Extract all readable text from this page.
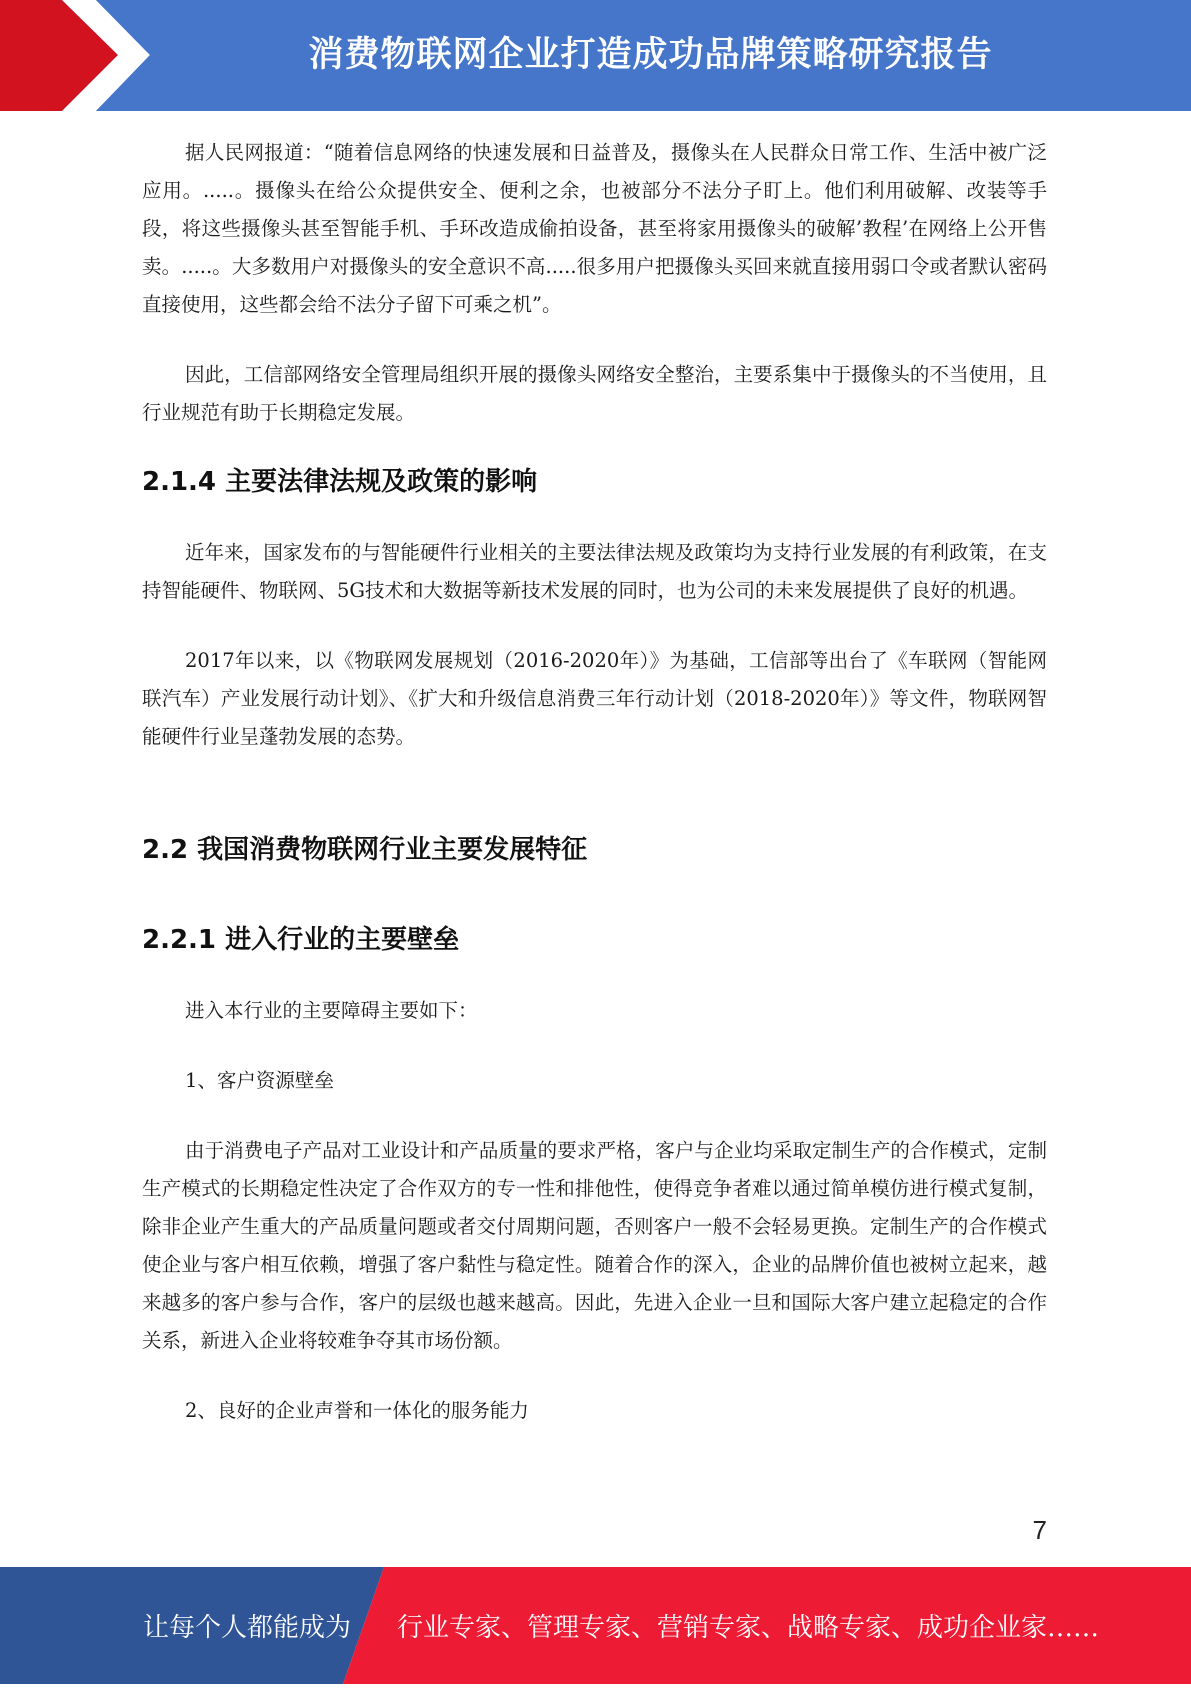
消费物联网企业打造成功品牌策略研究报告

据人民网报道：“随着信息网络的快速发展和日益普及，摄像头在人民群众日常工作、生活中被广泛应用。.....。摄像头在给公众提供安全、便利之余，也被部分不法分子盯上。他们利用破解、改装等手段，将这些摄像头甚至智能手机、手环改造成偷拍设备，甚至将家用摄像头的破解’教程’在网络上公开售卖。.....。大多数用户对摄像头的安全意识不高.....很多用户把摄像头买回来就直接用弱口令或者默认密码直接使用，这些都会给不法分子留下可乘之机”。

因此，工信部网络安全管理局组织开展的摄像头网络安全整治，主要系集中于摄像头的不当使用，且行业规范有助于长期稳定发展。

2.1.4 主要法律法规及政策的影响

近年来，国家发布的与智能硬件行业相关的主要法律法规及政策均为支持行业发展的有利政策，在支持智能硬件、物联网、5G技术和大数据等新技术发展的同时，也为公司的未来发展提供了良好的机遇。

2017年以来，以《物联网发展规划（2016-2020年）》为基础，工信部等出台了《车联网（智能网联汽车）产业发展行动计划》、《扩大和升级信息消费三年行动计划（2018-2020年）》等文件，物联网智能硬件行业呈蓬勃发展的态势。

2.2 我国消费物联网行业主要发展特征
2.2.1 进入行业的主要壁垒

进入本行业的主要障碍主要如下：

1、客户资源壁垒

由于消费电子产品对工业设计和产品质量的要求严格，客户与企业均采取定制生产的合作模式，定制生产模式的长期稳定性决定了合作双方的专一性和排他性，使得竞争者难以通过简单模仿进行模式复制，除非企业产生重大的产品质量问题或者交付周期问题，否则客户一般不会轻易更换。定制生产的合作模式使企业与客户相互依赖，增强了客户黏性与稳定性。随着合作的深入，企业的品牌价值也被树立起来，越来越多的客户参与合作，客户的层级也越来越高。因此，先进入企业一旦和国际大客户建立起稳定的合作关系，新进入企业将较难争夺其市场份额。

2、良好的企业声誉和一体化的服务能力

7
让每个人都能成为 行业专家、管理专家、营销专家、战略专家、成功企业家……
